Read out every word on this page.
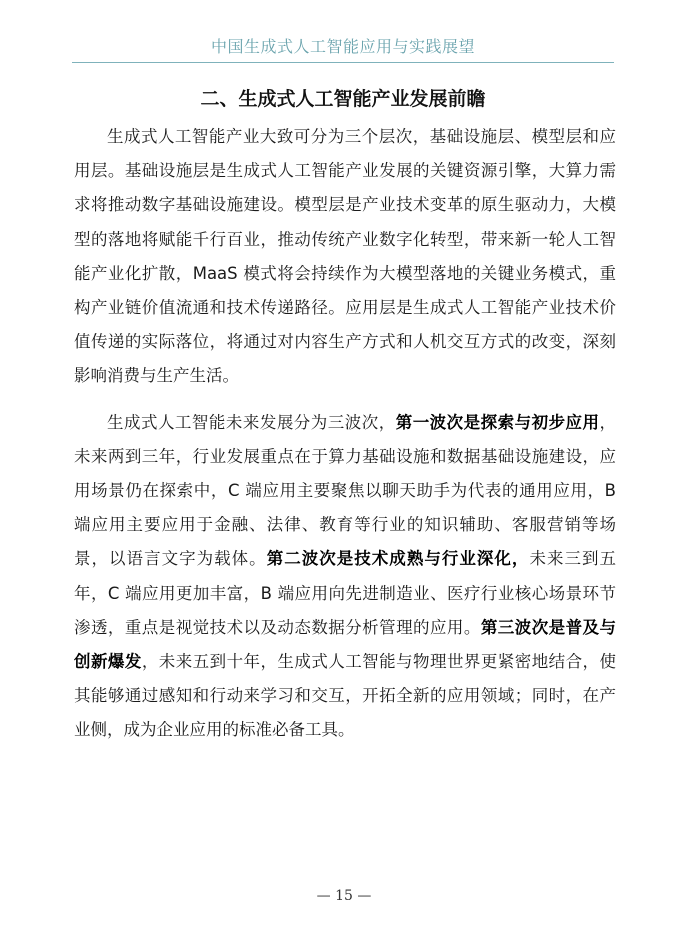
中国生成式人工智能应用与实践展望
二、生成式人工智能产业发展前瞻

生成式人工智能产业大致可分为三个层次，基础设施层、模型层和应用层。基础设施层是生成式人工智能产业发展的关键资源引擎，大算力需求将推动数字基础设施建设。模型层是产业技术变革的原生驱动力，大模型的落地将赋能千行百业，推动传统产业数字化转型，带来新一轮人工智能产业化扩散，MaaS 模式将会持续作为大模型落地的关键业务模式，重构产业链价值流通和技术传递路径。应用层是生成式人工智能产业技术价值传递的实际落位，将通过对内容生产方式和人机交互方式的改变，深刻影响消费与生产生活。

生成式人工智能未来发展分为三波次，第一波次是探索与初步应用，未来两到三年，行业发展重点在于算力基础设施和数据基础设施建设，应用场景仍在探索中，C 端应用主要聚焦以聊天助手为代表的通用应用，B 端应用主要应用于金融、法律、教育等行业的知识辅助、客服营销等场景，以语言文字为载体。第二波次是技术成熟与行业深化，未来三到五年，C 端应用更加丰富，B 端应用向先进制造业、医疗行业核心场景环节渗透，重点是视觉技术以及动态数据分析管理的应用。第三波次是普及与创新爆发，未来五到十年，生成式人工智能与物理世界更紧密地结合，使其能够通过感知和行动来学习和交互，开拓全新的应用领域；同时，在产业侧，成为企业应用的标准必备工具。

— 15 —
